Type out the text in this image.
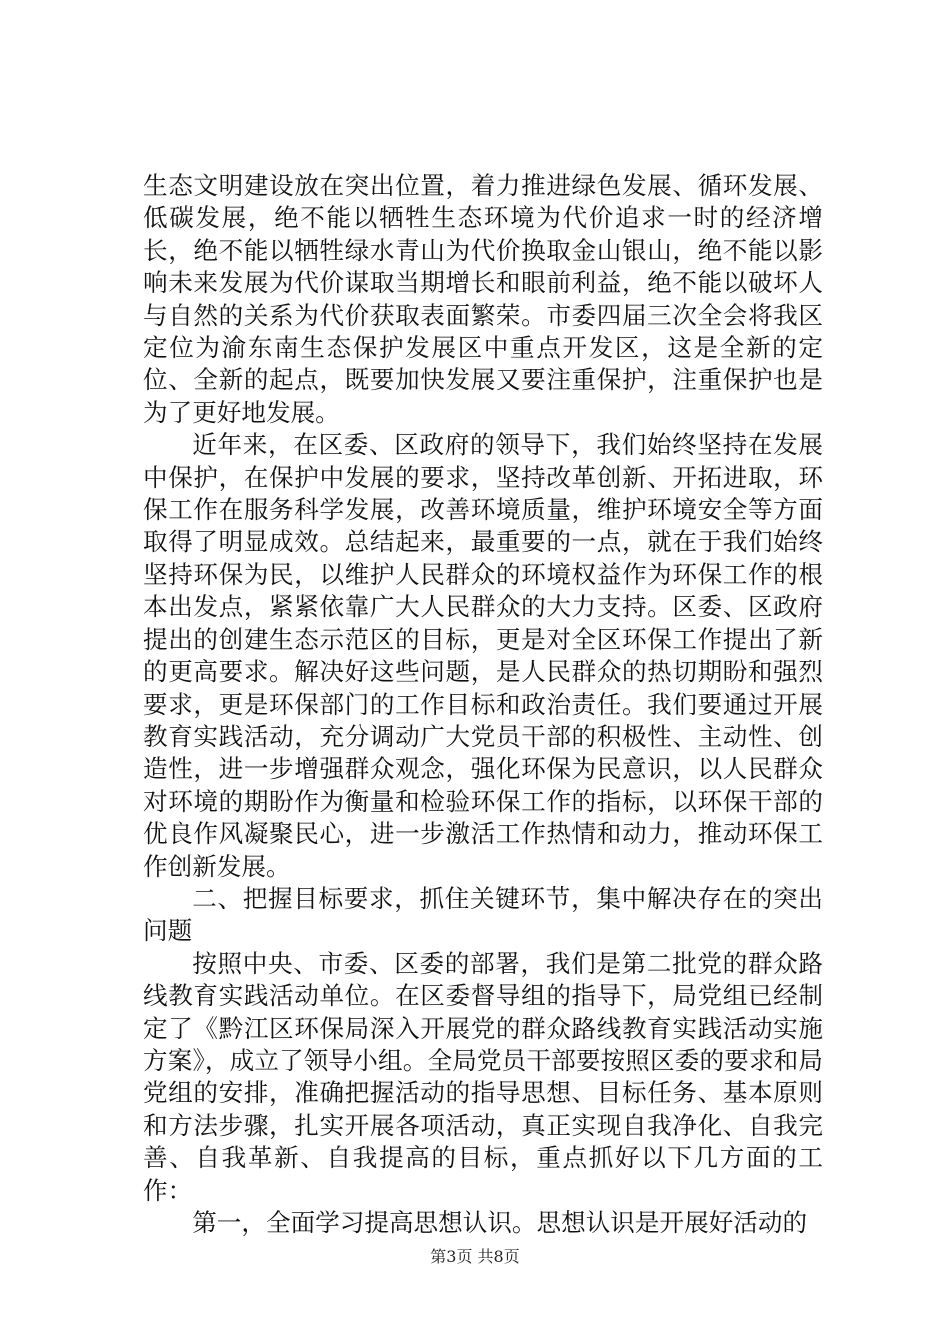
生态文明建设放在突出位置，着力推进绿色发展、循环发展、低碳发展，绝不能以牺牲生态环境为代价追求一时的经济增长，绝不能以牺牲绿水青山为代价换取金山银山，绝不能以影响未来发展为代价谋取当期增长和眼前利益，绝不能以破坏人与自然的关系为代价获取表面繁荣。市委四届三次全会将我区定位为渝东南生态保护发展区中重点开发区，这是全新的定位、全新的起点，既要加快发展又要注重保护，注重保护也是为了更好地发展。

近年来，在区委、区政府的领导下，我们始终坚持在发展中保护，在保护中发展的要求，坚持改革创新、开拓进取，环保工作在服务科学发展，改善环境质量，维护环境安全等方面取得了明显成效。总结起来，最重要的一点，就在于我们始终坚持环保为民，以维护人民群众的环境权益作为环保工作的根本出发点，紧紧依靠广大人民群众的大力支持。区委、区政府提出的创建生态示范区的目标，更是对全区环保工作提出了新的更高要求。解决好这些问题，是人民群众的热切期盼和强烈要求，更是环保部门的工作目标和政治责任。我们要通过开展教育实践活动，充分调动广大党员干部的积极性、主动性、创造性，进一步增强群众观念，强化环保为民意识，以人民群众对环境的期盼作为衡量和检验环保工作的指标，以环保干部的优良作风凝聚民心，进一步激活工作热情和动力，推动环保工作创新发展。

二、把握目标要求，抓住关键环节，集中解决存在的突出问题

按照中央、市委、区委的部署，我们是第二批党的群众路线教育实践活动单位。在区委督导组的指导下，局党组已经制定了《黔江区环保局深入开展党的群众路线教育实践活动实施方案》，成立了领导小组。全局党员干部要按照区委的要求和局党组的安排，准确把握活动的指导思想、目标任务、基本原则和方法步骤，扎实开展各项活动，真正实现自我净化、自我完善、自我革新、自我提高的目标，重点抓好以下几方面的工作：

第一，全面学习提高思想认识。思想认识是开展好活动的

第3页 共8页
